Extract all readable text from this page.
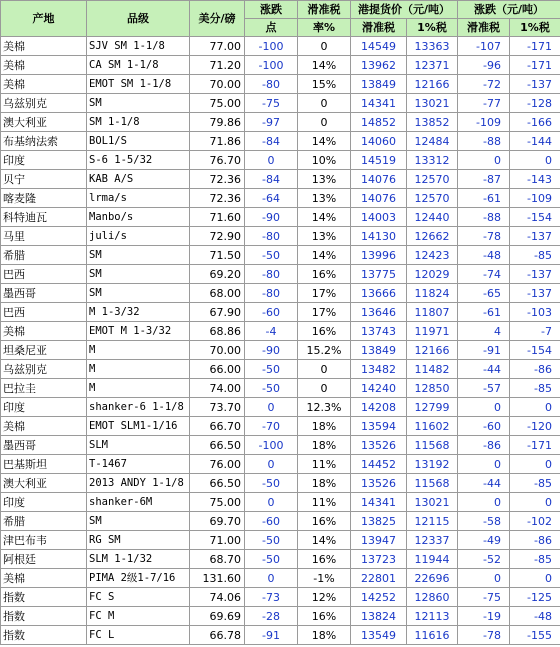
产地	品级	美分/磅	涨跌	滑准税	港提货价（元/吨）		涨跌（元/吨）	
			点	率%	滑准税	1%税	滑准税	1%税
美棉	SJV SM 1-1/8	77.00	-100	0	14549	13363	-107	-171
美棉	CA SM 1-1/8	71.20	-100	14%	13962	12371	-96	-171
美棉	EMOT SM 1-1/8	70.00	-80	15%	13849	12166	-72	-137
乌兹别克	SM	75.00	-75	0	14341	13021	-77	-128
澳大利亚	SM 1-1/8	79.86	-97	0	14852	13852	-109	-166
布基纳法索	BOL1/S	71.86	-84	14%	14060	12484	-88	-144
印度	S-6 1-5/32	76.70	0	10%	14519	13312	0	0
贝宁	KAB A/S	72.36	-84	13%	14076	12570	-87	-143
喀麦隆	lrma/s	72.36	-64	13%	14076	12570	-61	-109
科特迪瓦	Manbo/s	71.60	-90	14%	14003	12440	-88	-154
马里	juli/s	72.90	-80	13%	14130	12662	-78	-137
希腊	SM	71.50	-50	14%	13996	12423	-48	-85
巴西	SM	69.20	-80	16%	13775	12029	-74	-137
墨西哥	SM	68.00	-80	17%	13666	11824	-65	-137
巴西	M 1-3/32	67.90	-60	17%	13646	11807	-61	-103
美棉	EMOT M 1-3/32	68.86	-4	16%	13743	11971	4	-7
坦桑尼亚	M	70.00	-90	15.2%	13849	12166	-91	-154
乌兹别克	M	66.00	-50	0	13482	11482	-44	-86
巴拉圭	M	74.00	-50	0	14240	12850	-57	-85
印度	shanker-6 1-1/8	73.70	0	12.3%	14208	12799	0	0
美棉	EMOT SLM1-1/16	66.70	-70	18%	13594	11602	-60	-120
墨西哥	SLM	66.50	-100	18%	13526	11568	-86	-171
巴基斯坦	T-1467	76.00	0	11%	14452	13192	0	0
澳大利亚	2013 ANDY 1-1/8	66.50	-50	18%	13526	11568	-44	-85
印度	shanker-6M	75.00	0	11%	14341	13021	0	0
希腊	SM	69.70	-60	16%	13825	12115	-58	-102
津巴布韦	RG SM	71.00	-50	14%	13947	12337	-49	-86
阿根廷	SLM 1-1/32	68.70	-50	16%	13723	11944	-52	-85
美棉	PIMA 2级1-7/16	131.60	0	-1%	22801	22696	0	0
指数	FC S	74.06	-73	12%	14252	12860	-75	-125
指数	FC M	69.69	-28	16%	13824	12113	-19	-48
指数	FC L	66.78	-91	18%	13549	11616	-78	-155
